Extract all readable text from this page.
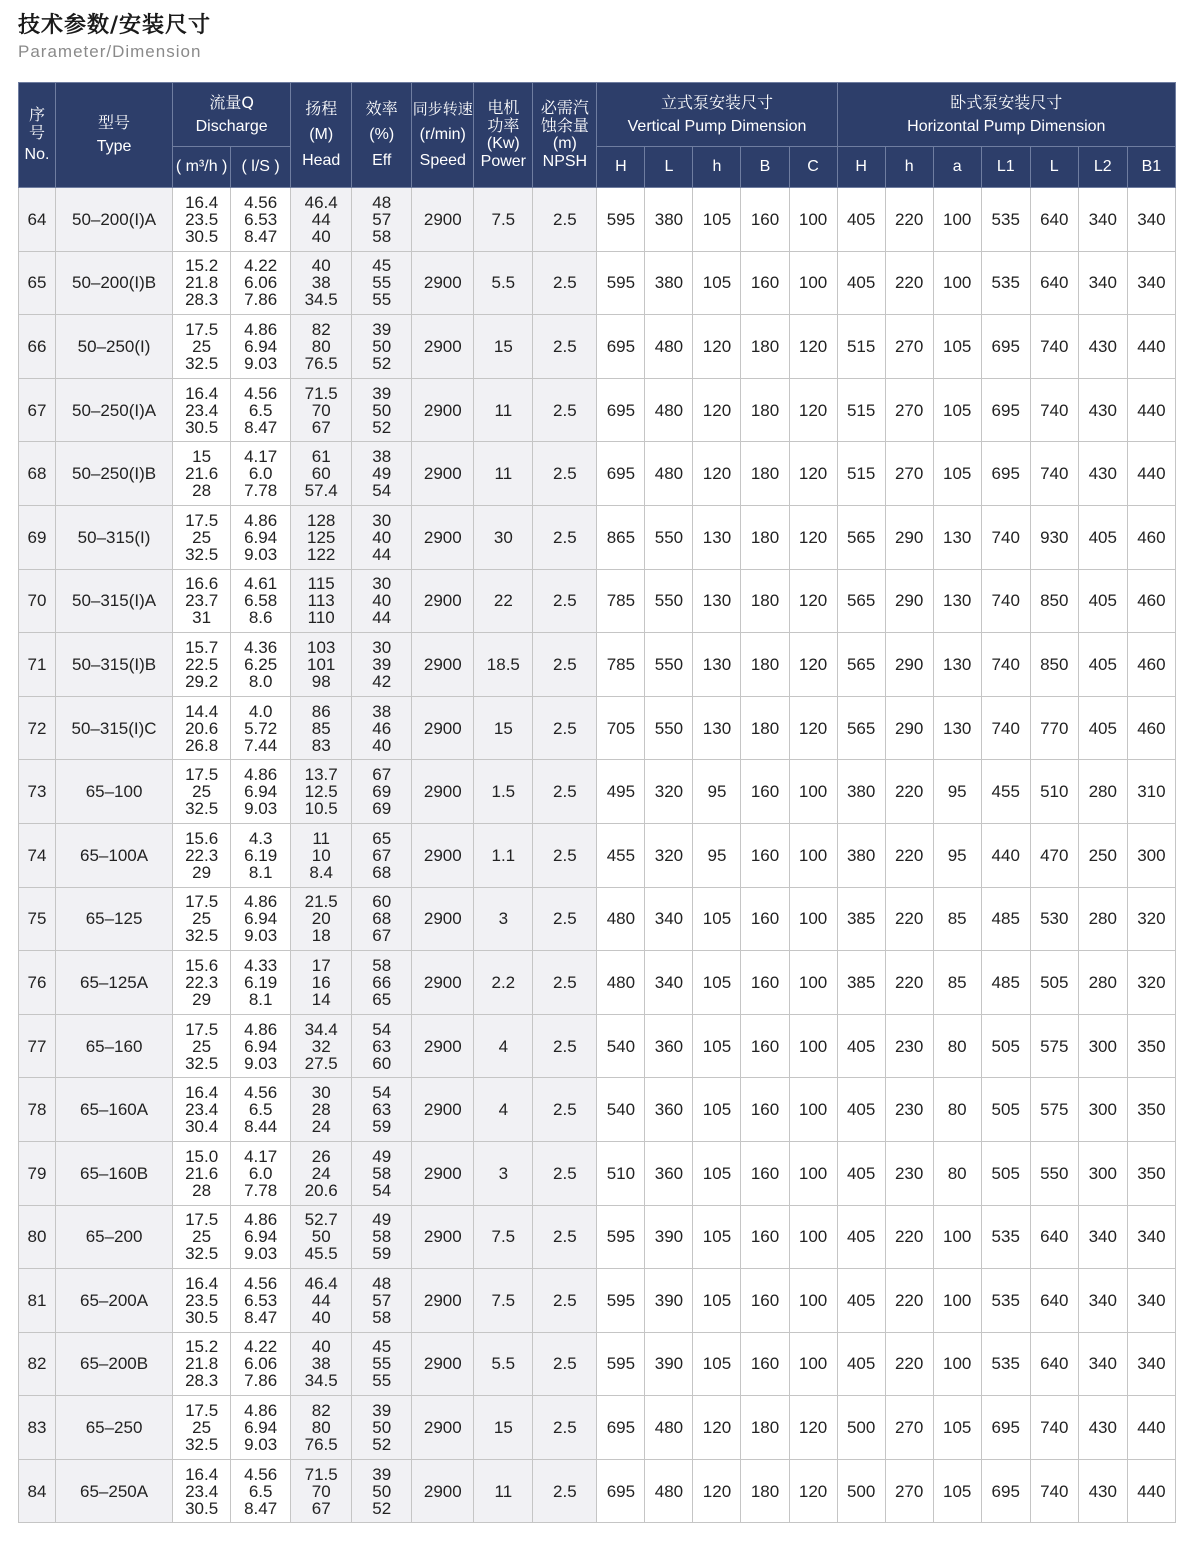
技术参数/安装尺寸
Parameter/Dimension
序
号
No.	型号
Type	流量Q
Discharge		扬程
(M)
Head	效率
(%)
Eff	同步转速
(r/min)
Speed	电机
功率
(Kw)
Power	必需汽
蚀余量
(m)
NPSH	立式泵安装尺寸
Vertical Pump Dimension					卧式泵安装尺寸
Horizontal Pump Dimension						

		( m³/h )	( l/S )						H	L	h	B	C	H	h	a	L1	L	L2	B1
64	50–200(I)A	16.4
23.5
30.5	4.56
6.53
8.47	46.4
44
40	48
57
58	2900	7.5	2.5	595	380	105	160	100	405	220	100	535	640	340	340
65	50–200(I)B	15.2
21.8
28.3	4.22
6.06
7.86	40
38
34.5	45
55
55	2900	5.5	2.5	595	380	105	160	100	405	220	100	535	640	340	340
66	50–250(I)	17.5
25
32.5	4.86
6.94
9.03	82
80
76.5	39
50
52	2900	15	2.5	695	480	120	180	120	515	270	105	695	740	430	440
67	50–250(I)A	16.4
23.4
30.5	4.56
6.5
8.47	71.5
70
67	39
50
52	2900	11	2.5	695	480	120	180	120	515	270	105	695	740	430	440
68	50–250(I)B	15
21.6
28	4.17
6.0
7.78	61
60
57.4	38
49
54	2900	11	2.5	695	480	120	180	120	515	270	105	695	740	430	440
69	50–315(I)	17.5
25
32.5	4.86
6.94
9.03	128
125
122	30
40
44	2900	30	2.5	865	550	130	180	120	565	290	130	740	930	405	460
70	50–315(I)A	16.6
23.7
31	4.61
6.58
8.6	115
113
110	30
40
44	2900	22	2.5	785	550	130	180	120	565	290	130	740	850	405	460
71	50–315(I)B	15.7
22.5
29.2	4.36
6.25
8.0	103
101
98	30
39
42	2900	18.5	2.5	785	550	130	180	120	565	290	130	740	850	405	460
72	50–315(I)C	14.4
20.6
26.8	4.0
5.72
7.44	86
85
83	38
46
40	2900	15	2.5	705	550	130	180	120	565	290	130	740	770	405	460
73	65–100	17.5
25
32.5	4.86
6.94
9.03	13.7
12.5
10.5	67
69
69	2900	1.5	2.5	495	320	95	160	100	380	220	95	455	510	280	310
74	65–100A	15.6
22.3
29	4.3
6.19
8.1	11
10
8.4	65
67
68	2900	1.1	2.5	455	320	95	160	100	380	220	95	440	470	250	300
75	65–125	17.5
25
32.5	4.86
6.94
9.03	21.5
20
18	60
68
67	2900	3	2.5	480	340	105	160	100	385	220	85	485	530	280	320
76	65–125A	15.6
22.3
29	4.33
6.19
8.1	17
16
14	58
66
65	2900	2.2	2.5	480	340	105	160	100	385	220	85	485	505	280	320
77	65–160	17.5
25
32.5	4.86
6.94
9.03	34.4
32
27.5	54
63
60	2900	4	2.5	540	360	105	160	100	405	230	80	505	575	300	350
78	65–160A	16.4
23.4
30.4	4.56
6.5
8.44	30
28
24	54
63
59	2900	4	2.5	540	360	105	160	100	405	230	80	505	575	300	350
79	65–160B	15.0
21.6
28	4.17
6.0
7.78	26
24
20.6	49
58
54	2900	3	2.5	510	360	105	160	100	405	230	80	505	550	300	350
80	65–200	17.5
25
32.5	4.86
6.94
9.03	52.7
50
45.5	49
58
59	2900	7.5	2.5	595	390	105	160	100	405	220	100	535	640	340	340
81	65–200A	16.4
23.5
30.5	4.56
6.53
8.47	46.4
44
40	48
57
58	2900	7.5	2.5	595	390	105	160	100	405	220	100	535	640	340	340
82	65–200B	15.2
21.8
28.3	4.22
6.06
7.86	40
38
34.5	45
55
55	2900	5.5	2.5	595	390	105	160	100	405	220	100	535	640	340	340
83	65–250	17.5
25
32.5	4.86
6.94
9.03	82
80
76.5	39
50
52	2900	15	2.5	695	480	120	180	120	500	270	105	695	740	430	440
84	65–250A	16.4
23.4
30.5	4.56
6.5
8.47	71.5
70
67	39
50
52	2900	11	2.5	695	480	120	180	120	500	270	105	695	740	430	440
